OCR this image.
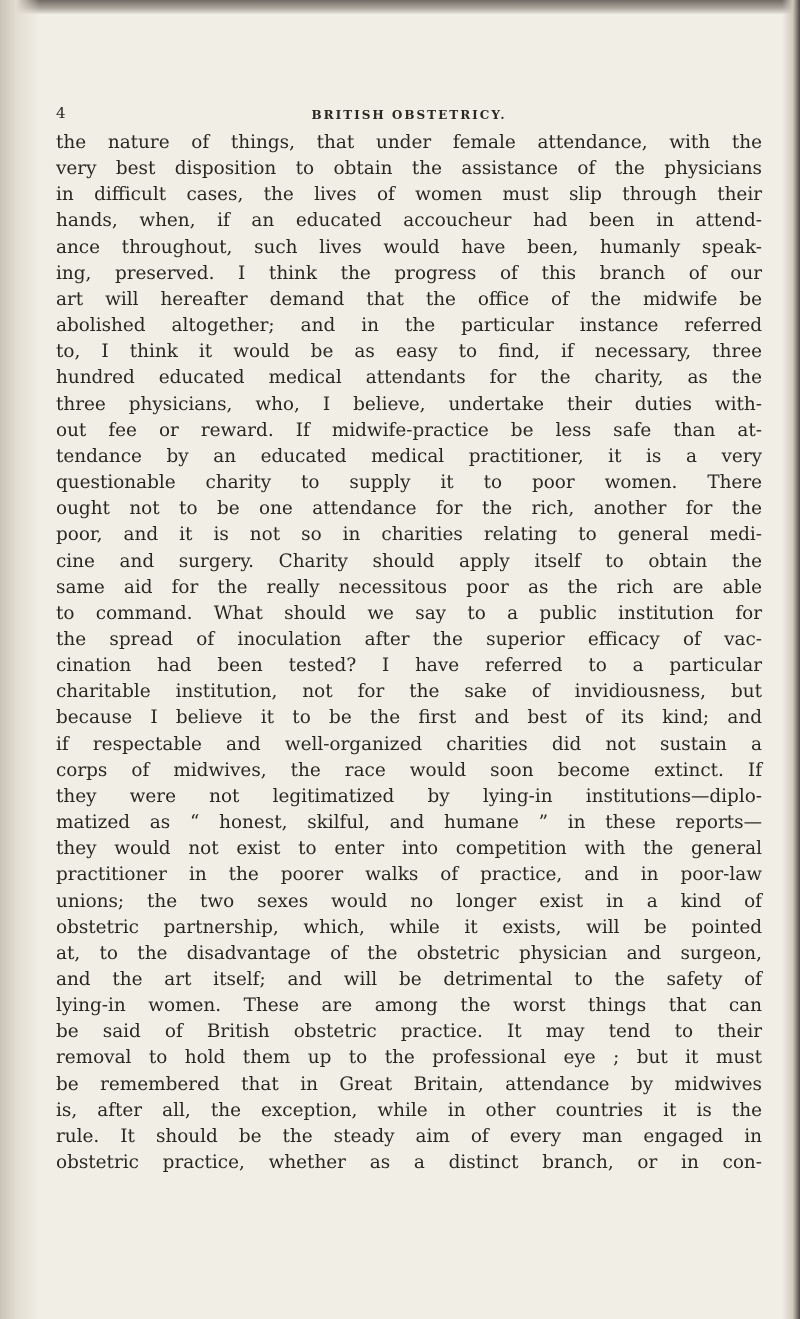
4	BRITISH OBSTETRICY.
the nature of things, that under female attendance, with the
very best disposition to obtain the assistance of the physicians
in difficult cases, the lives of women must slip through their
hands, when, if an educated accoucheur had been in attend-
ance throughout, such lives would have been, humanly speak-
ing, preserved. I think the progress of this branch of our
art will hereafter demand that the office of the midwife be
abolished altogether; and in the particular instance referred
to, I think it would be as easy to find, if necessary, three
hundred educated medical attendants for the charity, as the
three physicians, who, I believe, undertake their duties with-
out fee or reward. If midwife-practice be less safe than at-
tendance by an educated medical practitioner, it is a very
questionable charity to supply it to poor women. There
ought not to be one attendance for the rich, another for the
poor, and it is not so in charities relating to general medi-
cine and surgery. Charity should apply itself to obtain the
same aid for the really necessitous poor as the rich are able
to command. What should we say to a public institution for
the spread of inoculation after the superior efficacy of vac-
cination had been tested? I have referred to a particular
charitable institution, not for the sake of invidiousness, but
because I believe it to be the first and best of its kind; and
if respectable and well-organized charities did not sustain a
corps of midwives, the race would soon become extinct. If
they were not legitimatized by lying-in institutions—diplo-
matized as “ honest, skilful, and humane ” in these reports—
they would not exist to enter into competition with the general
practitioner in the poorer walks of practice, and in poor-law
unions; the two sexes would no longer exist in a kind of
obstetric partnership, which, while it exists, will be pointed
at, to the disadvantage of the obstetric physician and surgeon,
and the art itself; and will be detrimental to the safety of
lying-in women. These are among the worst things that can
be said of British obstetric practice. It may tend to their
removal to hold them up to the professional eye ; but it must
be remembered that in Great Britain, attendance by midwives
is, after all, the exception, while in other countries it is the
rule. It should be the steady aim of every man engaged in
obstetric practice, whether as a distinct branch, or in con-
